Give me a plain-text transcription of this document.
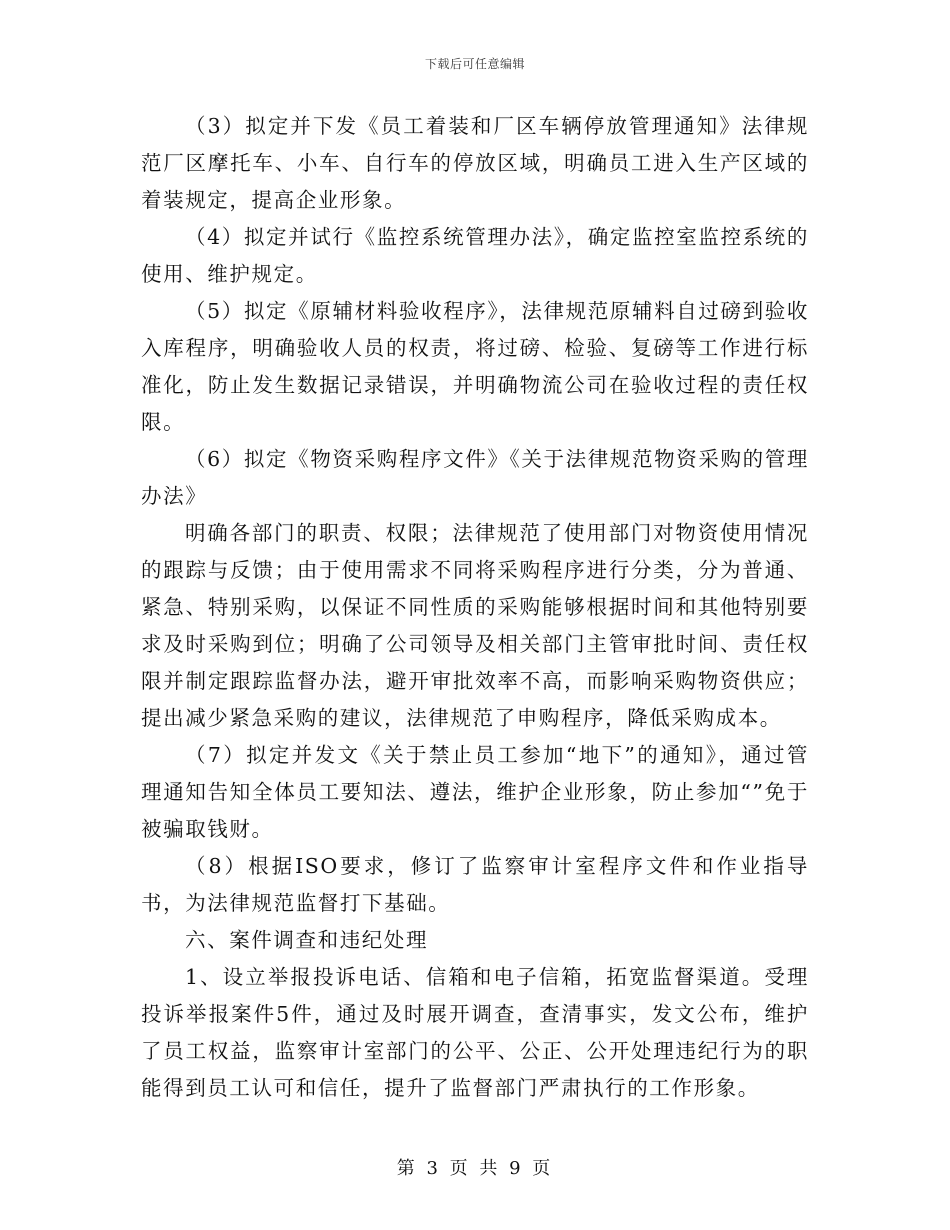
下载后可任意编辑

（3）拟定并下发《员工着装和厂区车辆停放管理通知》法律规范厂区摩托车、小车、自行车的停放区域，明确员工进入生产区域的着装规定，提高企业形象。

（4）拟定并试行《监控系统管理办法》，确定监控室监控系统的使用、维护规定。

（5）拟定《原辅材料验收程序》，法律规范原辅料自过磅到验收入库程序，明确验收人员的权责，将过磅、检验、复磅等工作进行标准化，防止发生数据记录错误，并明确物流公司在验收过程的责任权限。

（6）拟定《物资采购程序文件》《关于法律规范物资采购的管理办法》

明确各部门的职责、权限；法律规范了使用部门对物资使用情况的跟踪与反馈；由于使用需求不同将采购程序进行分类，分为普通、紧急、特别采购，以保证不同性质的采购能够根据时间和其他特别要求及时采购到位；明确了公司领导及相关部门主管审批时间、责任权限并制定跟踪监督办法，避开审批效率不高，而影响采购物资供应；提出减少紧急采购的建议，法律规范了申购程序，降低采购成本。

（7）拟定并发文《关于禁止员工参加“地下”的通知》，通过管理通知告知全体员工要知法、遵法，维护企业形象，防止参加“”免于被骗取钱财。

（8）根据ISO要求，修订了监察审计室程序文件和作业指导书，为法律规范监督打下基础。

六、案件调查和违纪处理

1、设立举报投诉电话、信箱和电子信箱，拓宽监督渠道。受理投诉举报案件5件，通过及时展开调查，查清事实，发文公布，维护了员工权益，监察审计室部门的公平、公正、公开处理违纪行为的职能得到员工认可和信任，提升了监督部门严肃执行的工作形象。

第 3 页 共 9 页
